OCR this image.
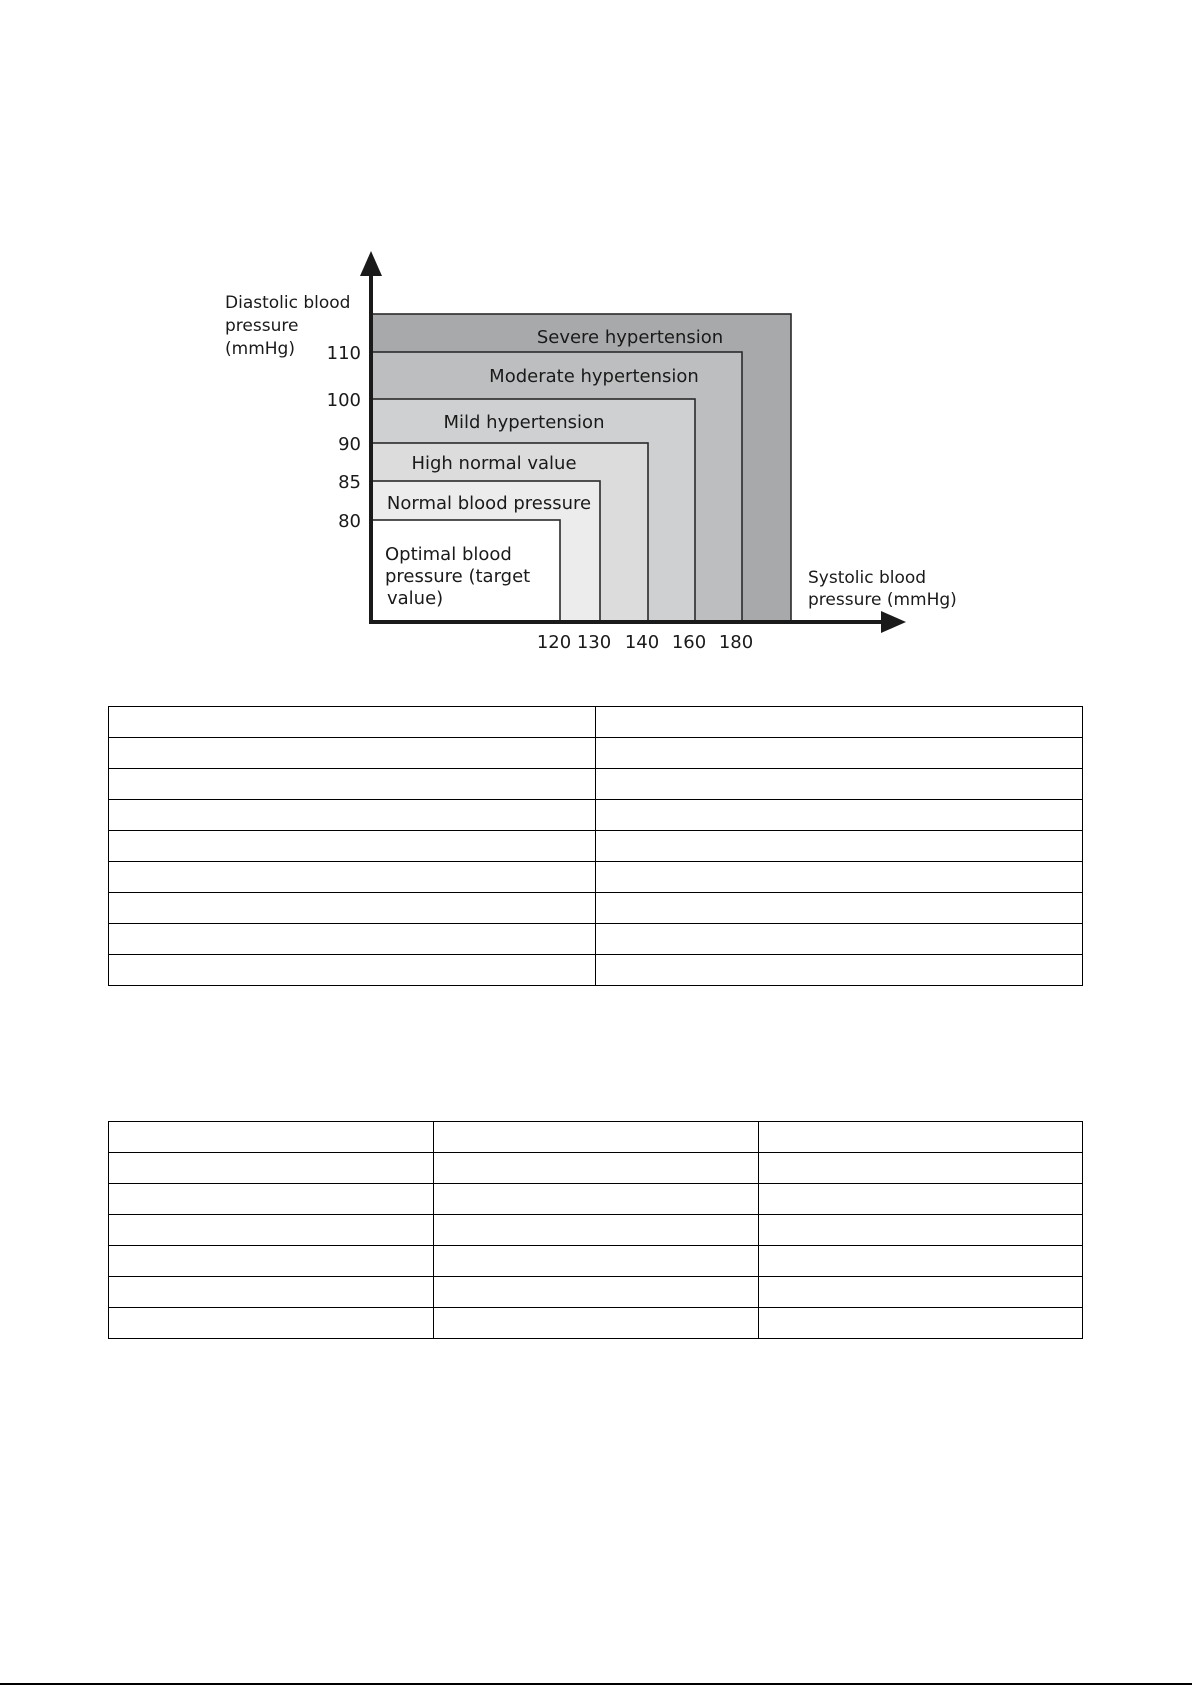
Severe hypertension
Moderate hypertension
Mild hypertension
High normal value
Normal blood pressure
Optimal blood pressure (target value)
80
85
90
100
110
120 130 140 160 180
Diastolic blood pressure (mmHg)
Systolic blood pressure (mmHg)
